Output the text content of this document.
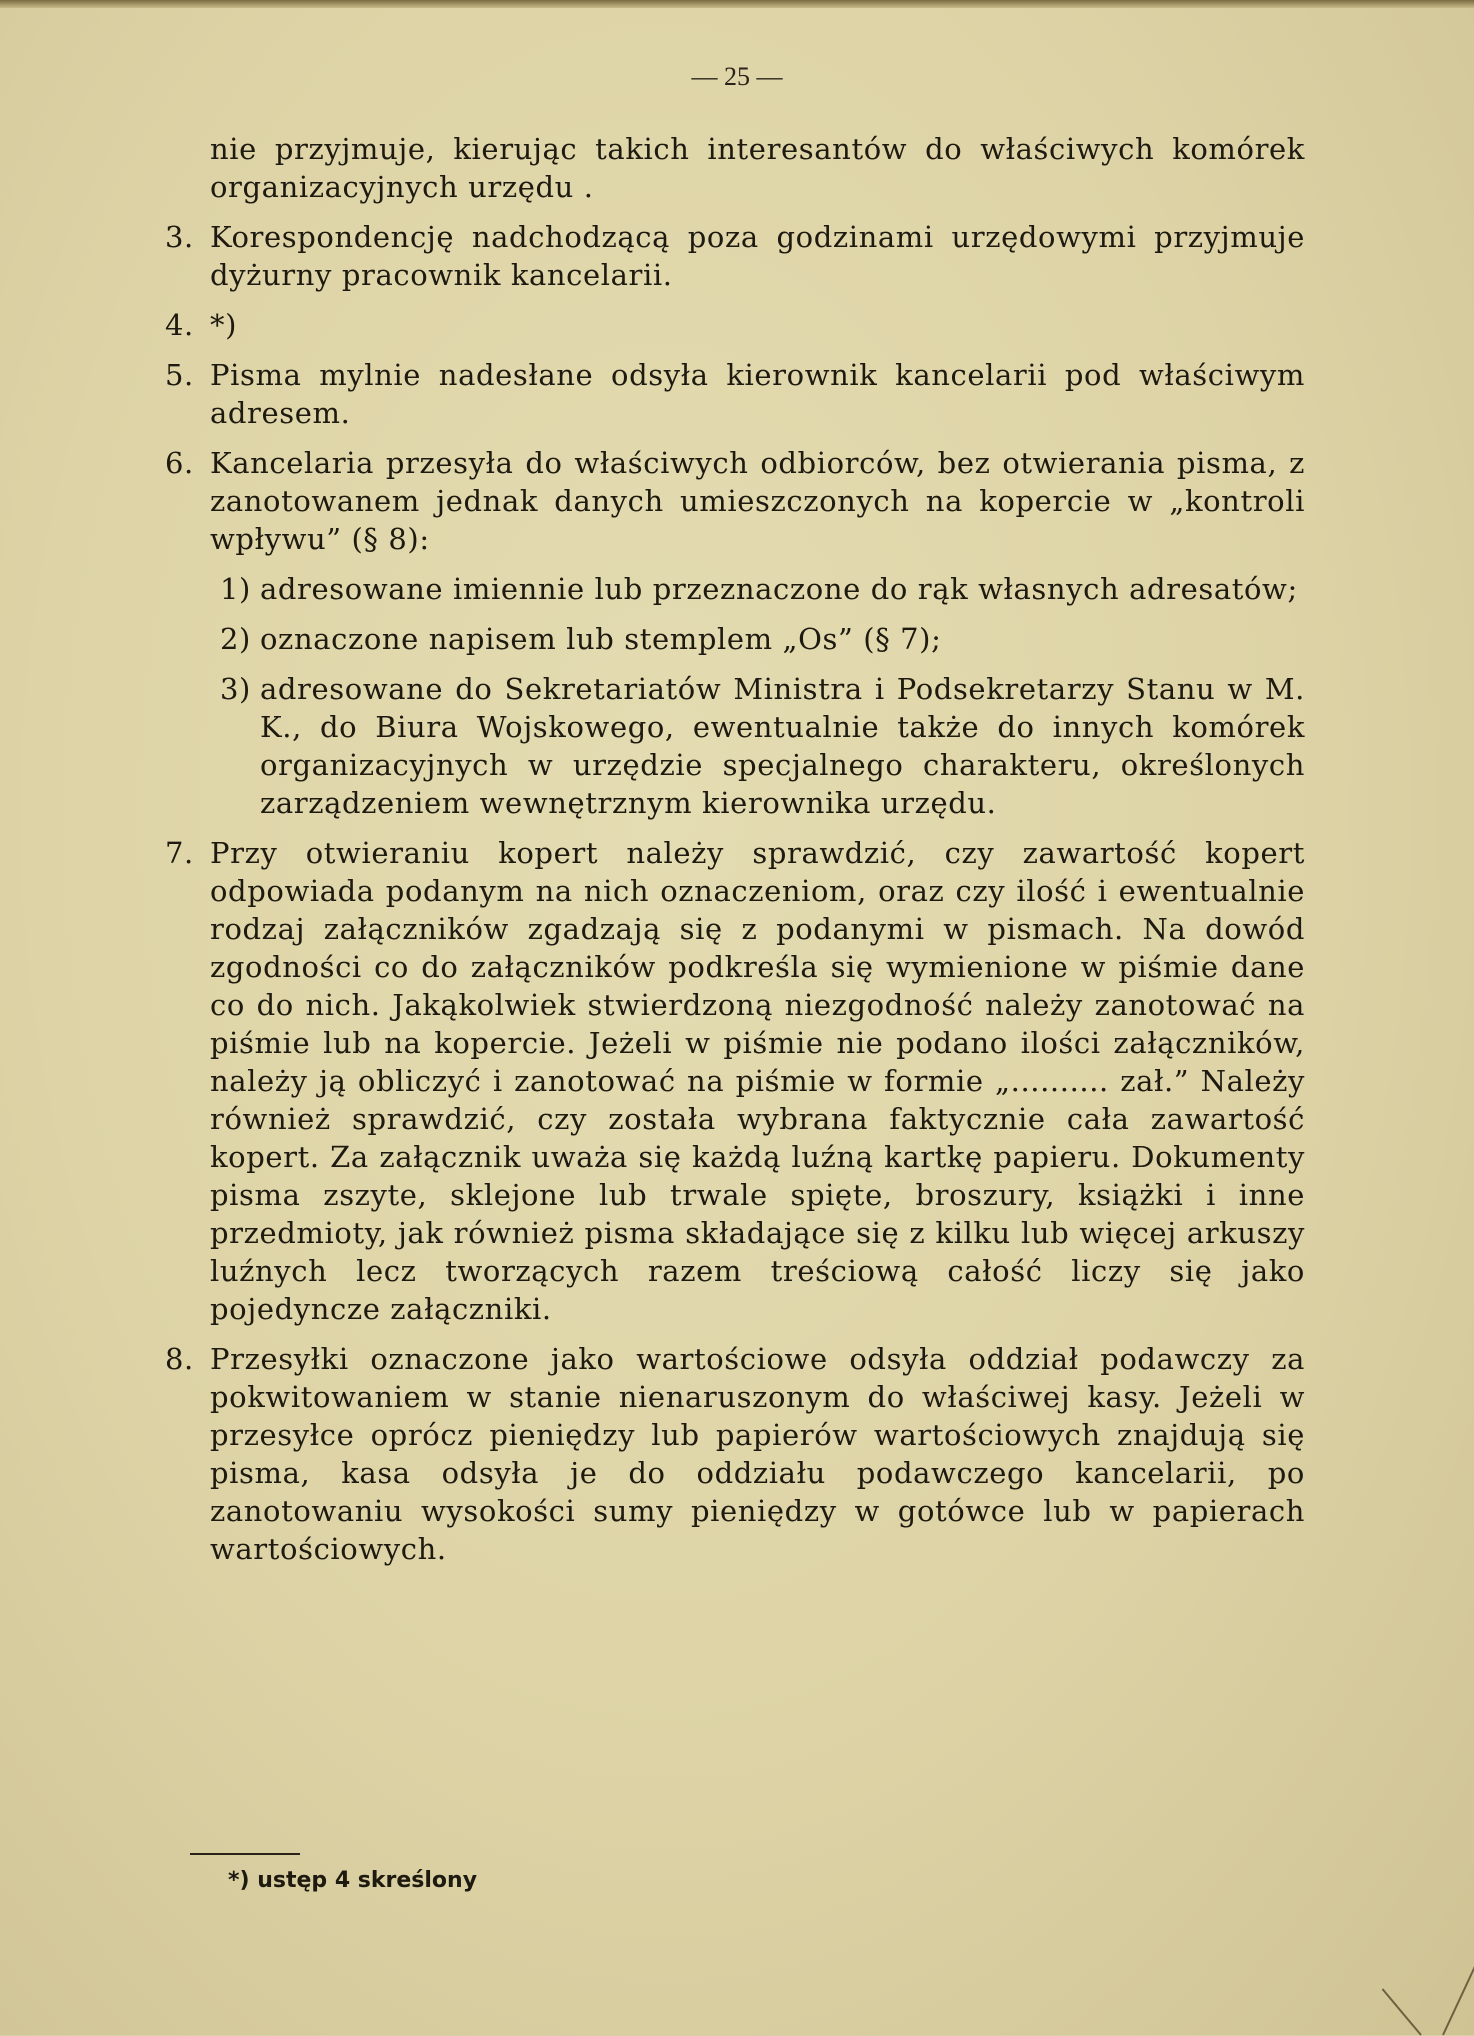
— 25 —

nie przyjmuje, kierując takich interesantów do właściwych komórek organizacyjnych urzędu .

3. Korespondencję nadchodzącą poza godzinami urzędowymi przyjmuje dyżurny pracownik kancelarii.
4. *)
5. Pisma mylnie nadesłane odsyła kierownik kancelarii pod właściwym adresem.
6. Kancelaria przesyła do właściwych odbiorców, bez otwierania pisma, z zanotowanem jednak danych umieszczonych na kopercie w „kontroli wpływu” (§ 8):
1) adresowane imiennie lub przeznaczone do rąk własnych adresatów;
2) oznaczone napisem lub stemplem „Os” (§ 7);
3) adresowane do Sekretariatów Ministra i Podsekretarzy Stanu w M. K., do Biura Wojskowego, ewentualnie także do innych komórek organizacyjnych w urzędzie specjalnego charakteru, określonych zarządzeniem wewnętrznym kierownika urzędu.
7. Przy otwieraniu kopert należy sprawdzić, czy zawartość kopert odpowiada podanym na nich oznaczeniom, oraz czy ilość i ewentualnie rodzaj załączników zgadzają się z podanymi w pismach. Na dowód zgodności co do załączników podkreśla się wymienione w piśmie dane co do nich. Jakąkolwiek stwierdzoną niezgodność należy zanotować na piśmie lub na kopercie. Jeżeli w piśmie nie podano ilości załączników, należy ją obliczyć i zanotować na piśmie w formie „.......... zał.” Należy również sprawdzić, czy została wybrana faktycznie cała zawartość kopert. Za załącznik uważa się każdą luźną kartkę papieru. Dokumenty pisma zszyte, sklejone lub trwale spięte, broszury, książki i inne przedmioty, jak również pisma składające się z kilku lub więcej arkuszy luźnych lecz tworzących razem treściową całość liczy się jako pojedyncze załączniki.
8. Przesyłki oznaczone jako wartościowe odsyła oddział podawczy za pokwitowaniem w stanie nienaruszonym do właściwej kasy. Jeżeli w przesyłce oprócz pieniędzy lub papierów wartościowych znajdują się pisma, kasa odsyła je do oddziału podawczego kancelarii, po zanotowaniu wysokości sumy pieniędzy w gotówce lub w papierach wartościowych.
*) ustęp 4 skreślony
